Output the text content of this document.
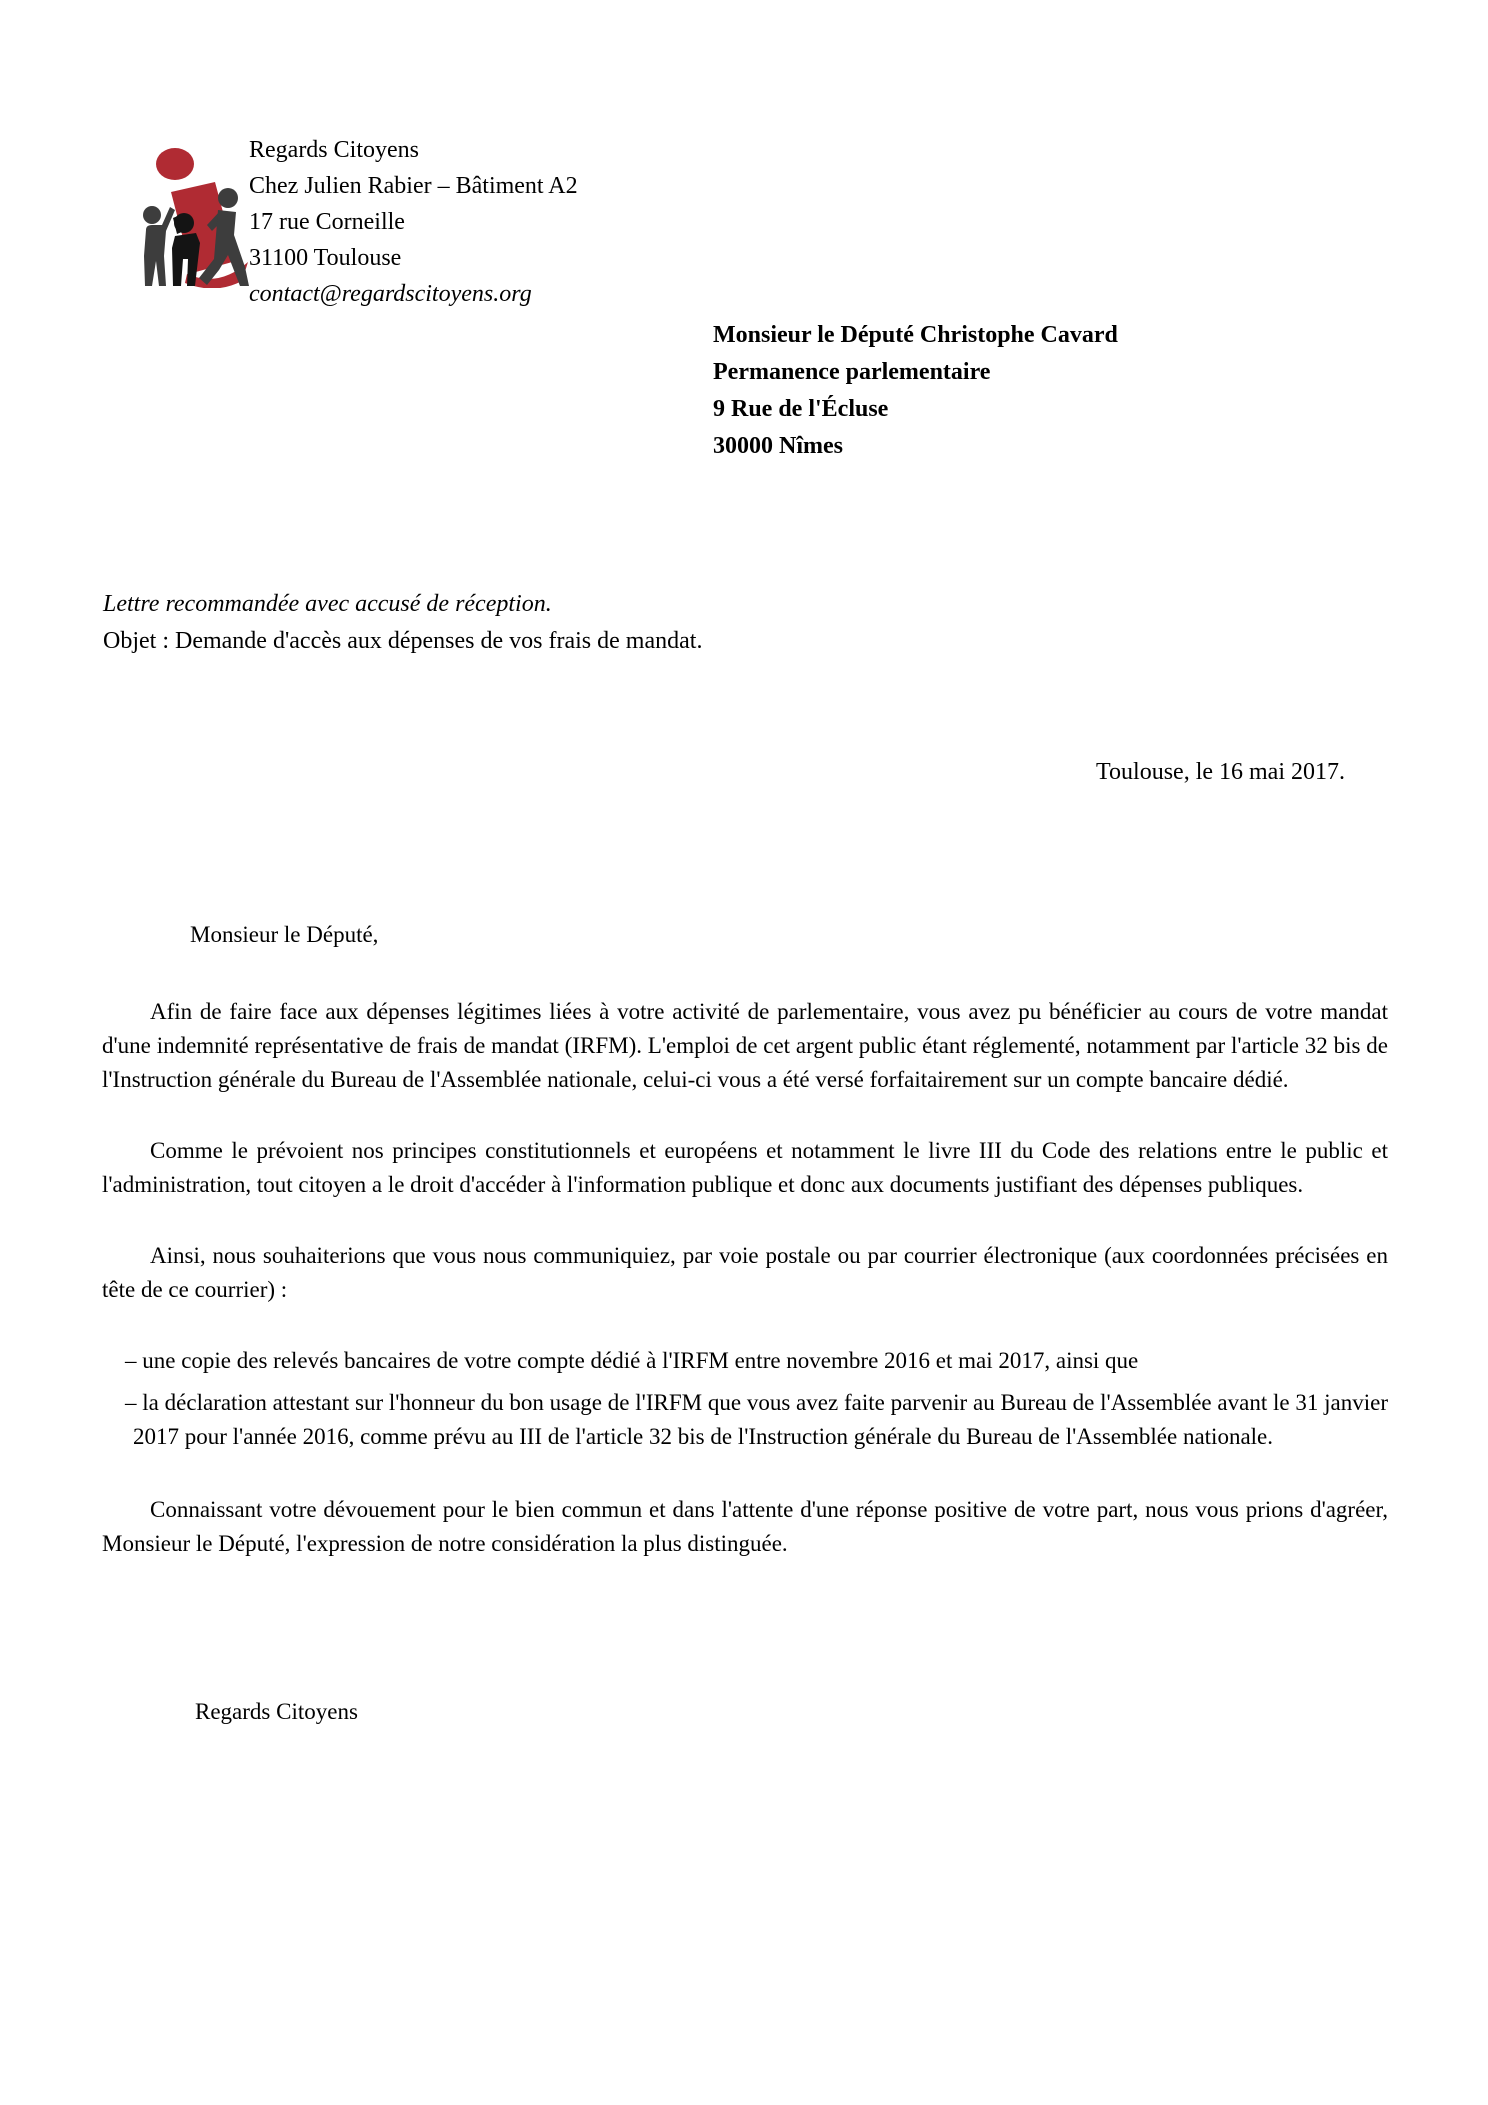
Regards Citoyens
Chez Julien Rabier – Bâtiment A2
17 rue Corneille
31100 Toulouse
contact@regardscitoyens.org
Monsieur le Député Christophe Cavard
Permanence parlementaire
9 Rue de l'Écluse
30000 Nîmes
Lettre recommandée avec accusé de réception.
Objet : Demande d'accès aux dépenses de vos frais de mandat.
Toulouse, le 16 mai 2017.

Monsieur le Député,

Afin de faire face aux dépenses légitimes liées à votre activité de parlementaire, vous avez pu bénéficier au cours de votre mandat d'une indemnité représentative de frais de mandat (IRFM). L'emploi de cet argent public étant réglementé, notamment par l'article 32 bis de l'Instruction générale du Bureau de l'Assemblée nationale, celui-ci vous a été versé forfaitairement sur un compte bancaire dédié.

Comme le prévoient nos principes constitutionnels et européens et notamment le livre III du Code des relations entre le public et l'administration, tout citoyen a le droit d'accéder à l'information publique et donc aux documents justifiant des dépenses publiques.

Ainsi, nous souhaiterions que vous nous communiquiez, par voie postale ou par courrier électronique (aux coordonnées précisées en tête de ce courrier) :

– une copie des relevés bancaires de votre compte dédié à l'IRFM entre novembre 2016 et mai 2017, ainsi que
– la déclaration attestant sur l'honneur du bon usage de l'IRFM que vous avez faite parvenir au Bureau de l'Assemblée avant le 31 janvier 2017 pour l'année 2016, comme prévu au III de l'article 32 bis de l'Instruction générale du Bureau de l'Assemblée nationale.

Connaissant votre dévouement pour le bien commun et dans l'attente d'une réponse positive de votre part, nous vous prions d'agréer, Monsieur le Député, l'expression de notre considération la plus distinguée.

Regards Citoyens
